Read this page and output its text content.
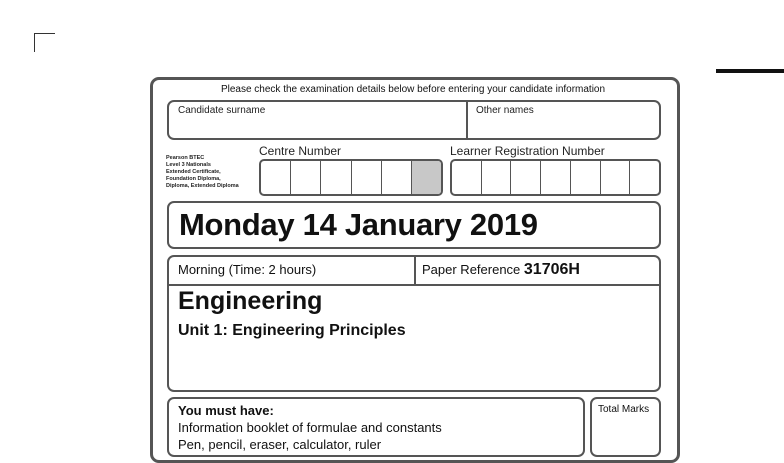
Please check the examination details below before entering your candidate information
Candidate surname	Other names
Pearson BTEC
Level 3 Nationals
Extended Certificate,
Foundation Diploma,
Diploma, Extended Diploma
Centre Number	Learner Registration Number
Monday 14 January 2019
Morning (Time: 2 hours)	Paper Reference 31706H
Engineering
Unit 1: Engineering Principles
You must have:
Information booklet of formulae and constants
Pen, pencil, eraser, calculator, ruler
Total Marks
